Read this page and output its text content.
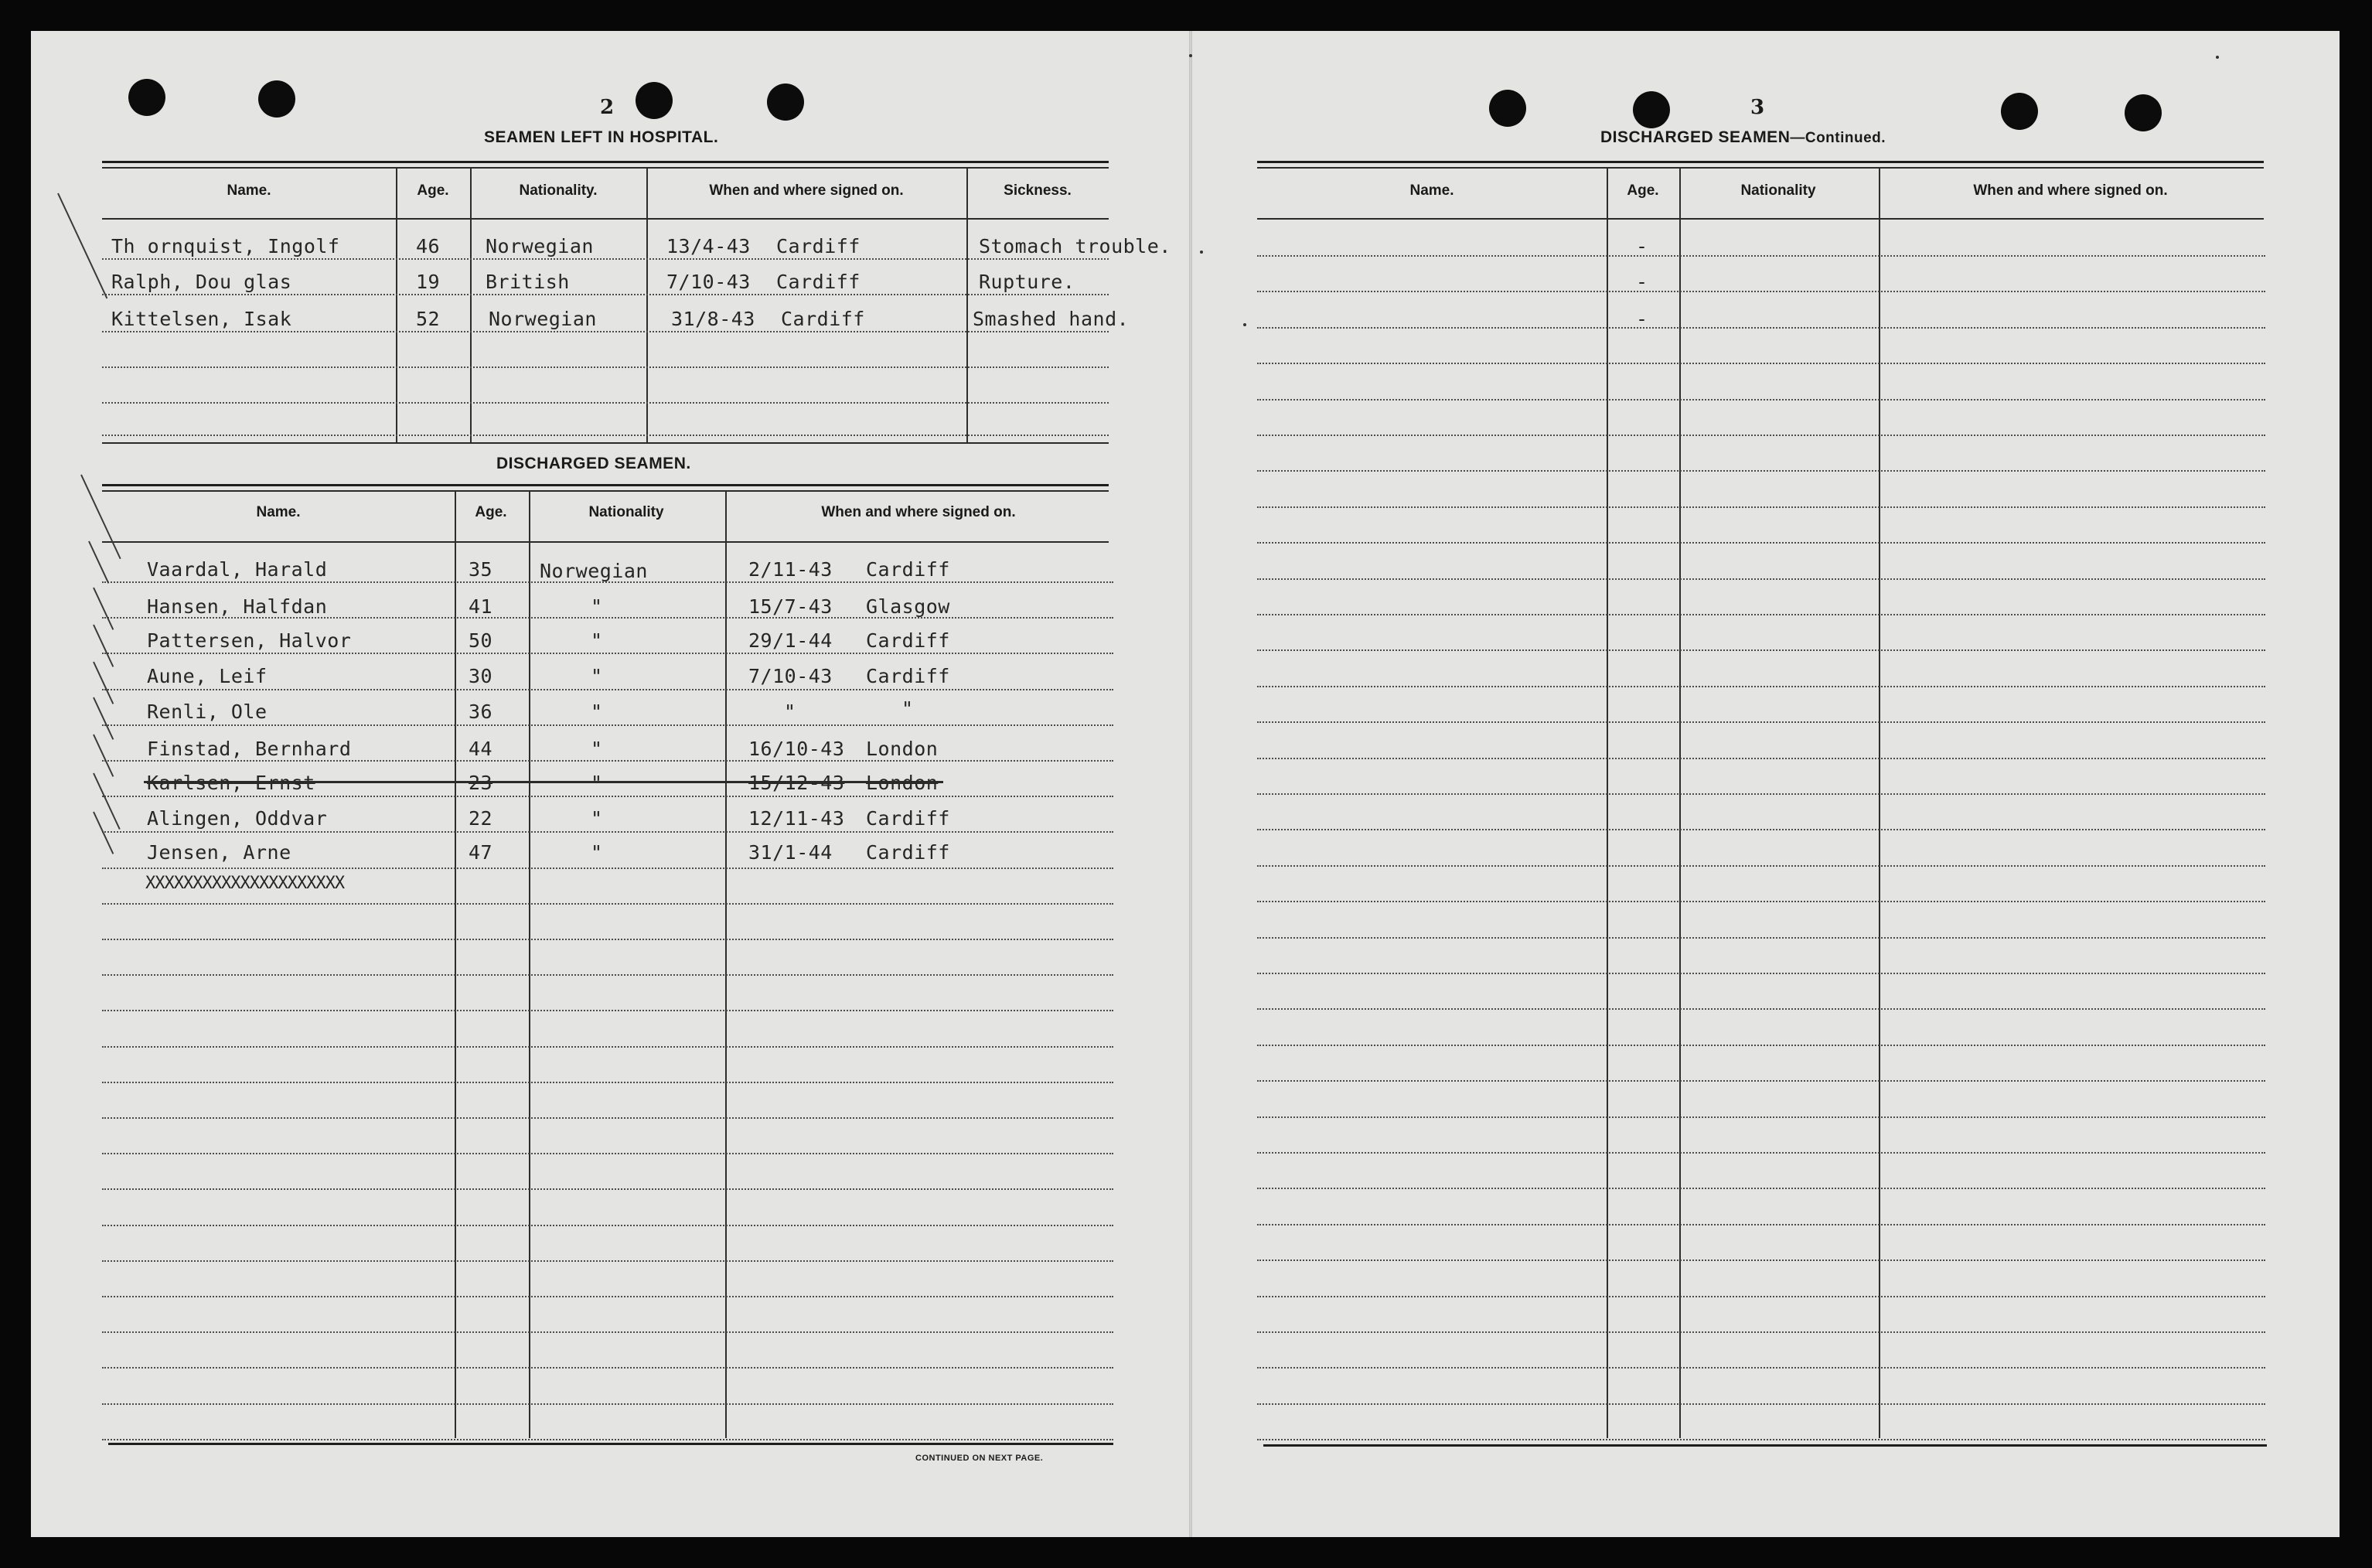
2
SEAMEN LEFT IN HOSPITAL.
Name.	Age.	Nationality.	When and where signed on.	Sickness.
Th ornquist, Ingolf	46 Norwegian	13/4-43 Cardiff	Stomach trouble.
Ralph, Dou glas	19 British	7/10-43 Cardiff	Rupture.
Kittelsen, Isak	52	Norwegian	31/8-43 Cardiff	Smashed hand.
DISCHARGED SEAMEN.
Name.	Age.	Nationality	When and where signed on.
Vaardal, Harald	35 Norwegian	2/11-43 Cardiff
Hansen, Halfdan	41	"	15/7-43 Glasgow
Pattersen, Halvor	50	"	29/1-44 Cardiff
Aune, Leif	30	"	7/10-43 Cardiff
Renli, Ole	36	"	"	"
Finstad, Bernhard	44	"	16/10-43 London
Karlsen, Ernst	23	"	15/12-43 London
Alingen, Oddvar	22	"	12/11-43 Cardiff
Jensen, Arne	47	"	31/1-44 Cardiff
XXXXXXXXXXXXXXXXXXXXX
CONTINUED ON NEXT PAGE.
3
DISCHARGED SEAMEN—Continued.
Name.	Age.	Nationality	When and where signed on.
-
-
-
